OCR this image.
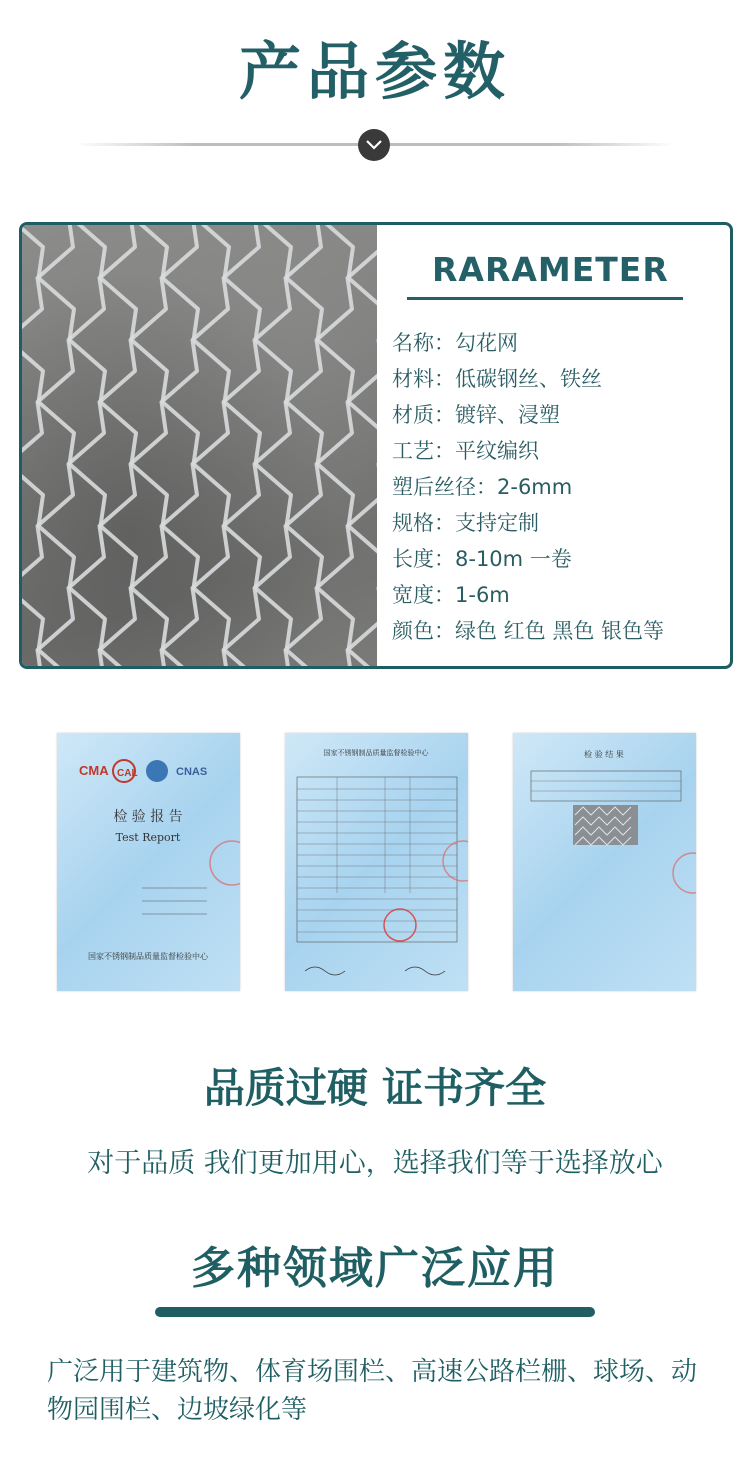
产品参数
RARAMETER
名称：勾花网
材料：低碳钢丝、铁丝
材质：镀锌、浸塑
工艺：平纹编织
塑后丝径：2-6mm
规格：支持定制
长度：8-10m 一卷
宽度：1-6m
颜色：绿色 红色 黑色 银色等
CMA CAL	CNAS
检 验 报 告
Test Report
国家不锈钢制品质量监督检验中心
国家不锈钢制品质量监督检验中心	检 验 结 果
品质过硬 证书齐全
对于品质 我们更加用心，选择我们等于选择放心
多种领域广泛应用
广泛用于建筑物、体育场围栏、高速公路栏栅、球场、动物园围栏、边坡绿化等
